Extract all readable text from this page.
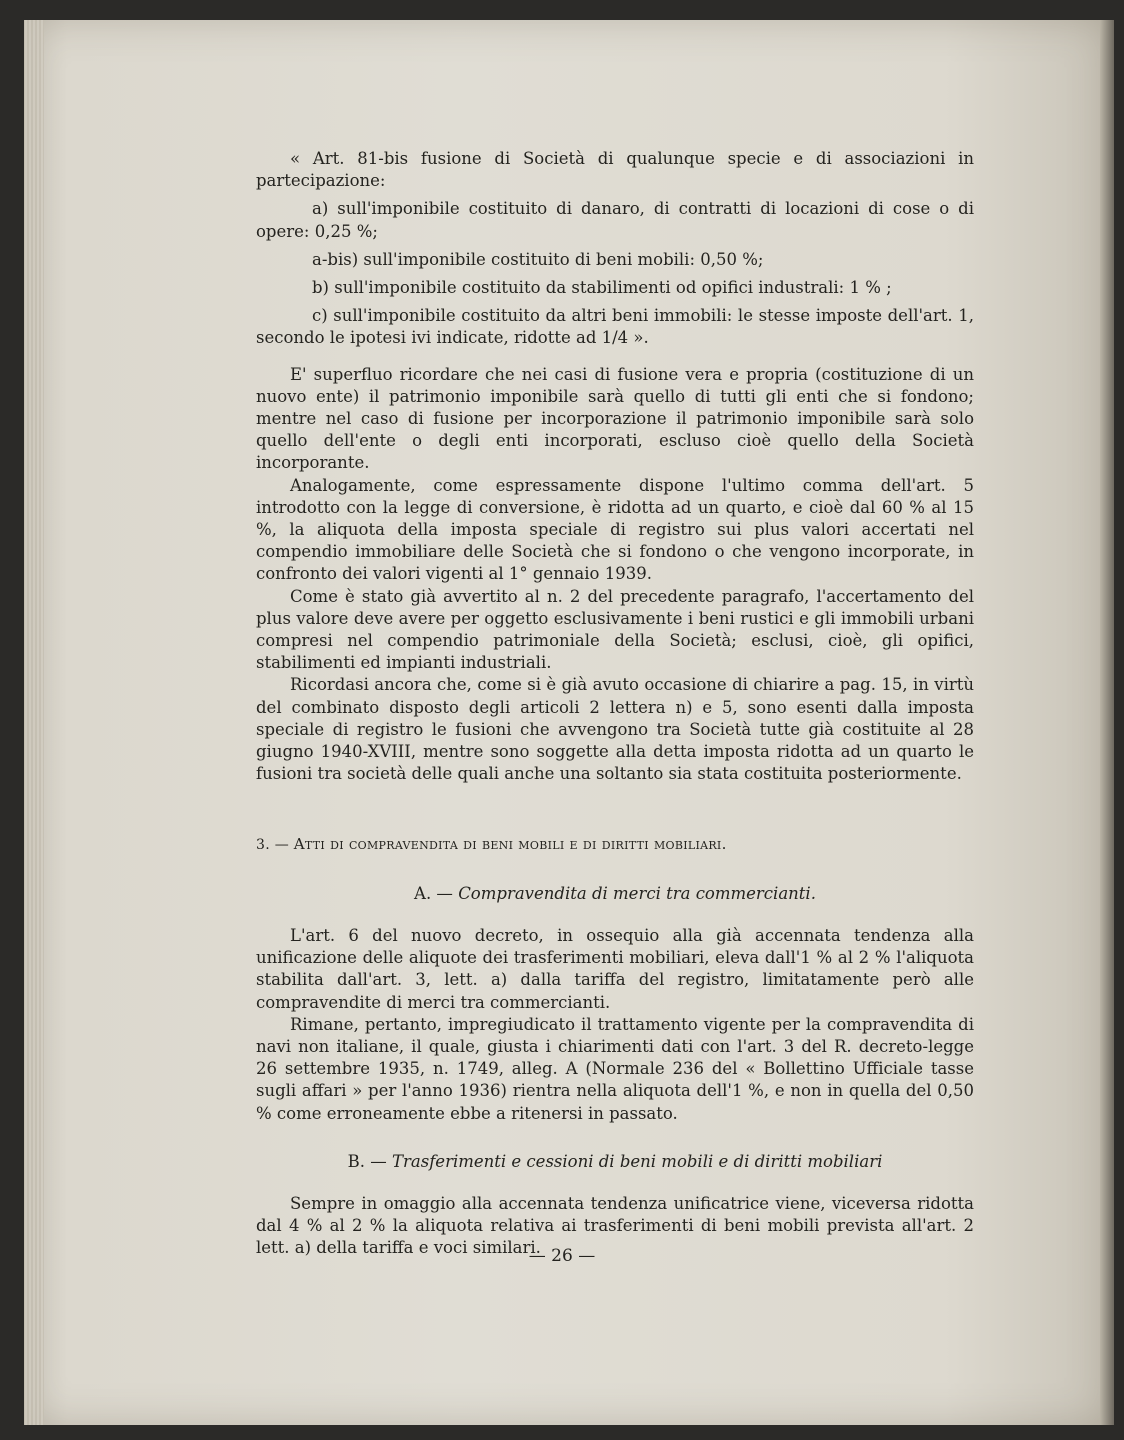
« Art. 81-bis fusione di Società di qualunque specie e di associazioni in partecipazione:

a) sull'imponibile costituito di danaro, di contratti di locazioni di cose o di opere: 0,25 %;

a-bis) sull'imponibile costituito di beni mobili: 0,50 %;

b) sull'imponibile costituito da stabilimenti od opifici industrali: 1 % ;

c) sull'imponibile costituito da altri beni immobili: le stesse imposte dell'art. 1, secondo le ipotesi ivi indicate, ridotte ad 1/4 ».

E' superfluo ricordare che nei casi di fusione vera e propria (costituzione di un nuovo ente) il patrimonio imponibile sarà quello di tutti gli enti che si fondono; mentre nel caso di fusione per incorporazione il patrimonio imponibile sarà solo quello dell'ente o degli enti incorporati, escluso cioè quello della Società incorporante.

Analogamente, come espressamente dispone l'ultimo comma dell'art. 5 introdotto con la legge di conversione, è ridotta ad un quarto, e cioè dal 60 % al 15 %, la aliquota della imposta speciale di registro sui plus valori accertati nel compendio immobiliare delle Società che si fondono o che vengono incorporate, in confronto dei valori vigenti al 1° gennaio 1939.

Come è stato già avvertito al n. 2 del precedente paragrafo, l'accertamento del plus valore deve avere per oggetto esclusivamente i beni rustici e gli immobili urbani compresi nel compendio patrimoniale della Società; esclusi, cioè, gli opifici, stabilimenti ed impianti industriali.

Ricordasi ancora che, come si è già avuto occasione di chiarire a pag. 15, in virtù del combinato disposto degli articoli 2 lettera n) e 5, sono esenti dalla imposta speciale di registro le fusioni che avvengono tra Società tutte già costituite al 28 giugno 1940-XVIII, mentre sono soggette alla detta imposta ridotta ad un quarto le fusioni tra società delle quali anche una soltanto sia stata costituita posteriormente.

3. — Atti di compravendita di beni mobili e di diritti mobiliari.

A. — Compravendita di merci tra commercianti.

L'art. 6 del nuovo decreto, in ossequio alla già accennata tendenza alla unificazione delle aliquote dei trasferimenti mobiliari, eleva dall'1 % al 2 % l'aliquota stabilita dall'art. 3, lett. a) dalla tariffa del registro, limitatamente però alle compravendite di merci tra commercianti.

Rimane, pertanto, impregiudicato il trattamento vigente per la compravendita di navi non italiane, il quale, giusta i chiarimenti dati con l'art. 3 del R. decreto-legge 26 settembre 1935, n. 1749, alleg. A (Normale 236 del « Bollettino Ufficiale tasse sugli affari » per l'anno 1936) rientra nella aliquota dell'1 %, e non in quella del 0,50 % come erroneamente ebbe a ritenersi in passato.

B. — Trasferimenti e cessioni di beni mobili e di diritti mobiliari

Sempre in omaggio alla accennata tendenza unificatrice viene, viceversa ridotta dal 4 % al 2 % la aliquota relativa ai trasferimenti di beni mobili prevista all'art. 2 lett. a) della tariffa e voci similari.

— 26 —
